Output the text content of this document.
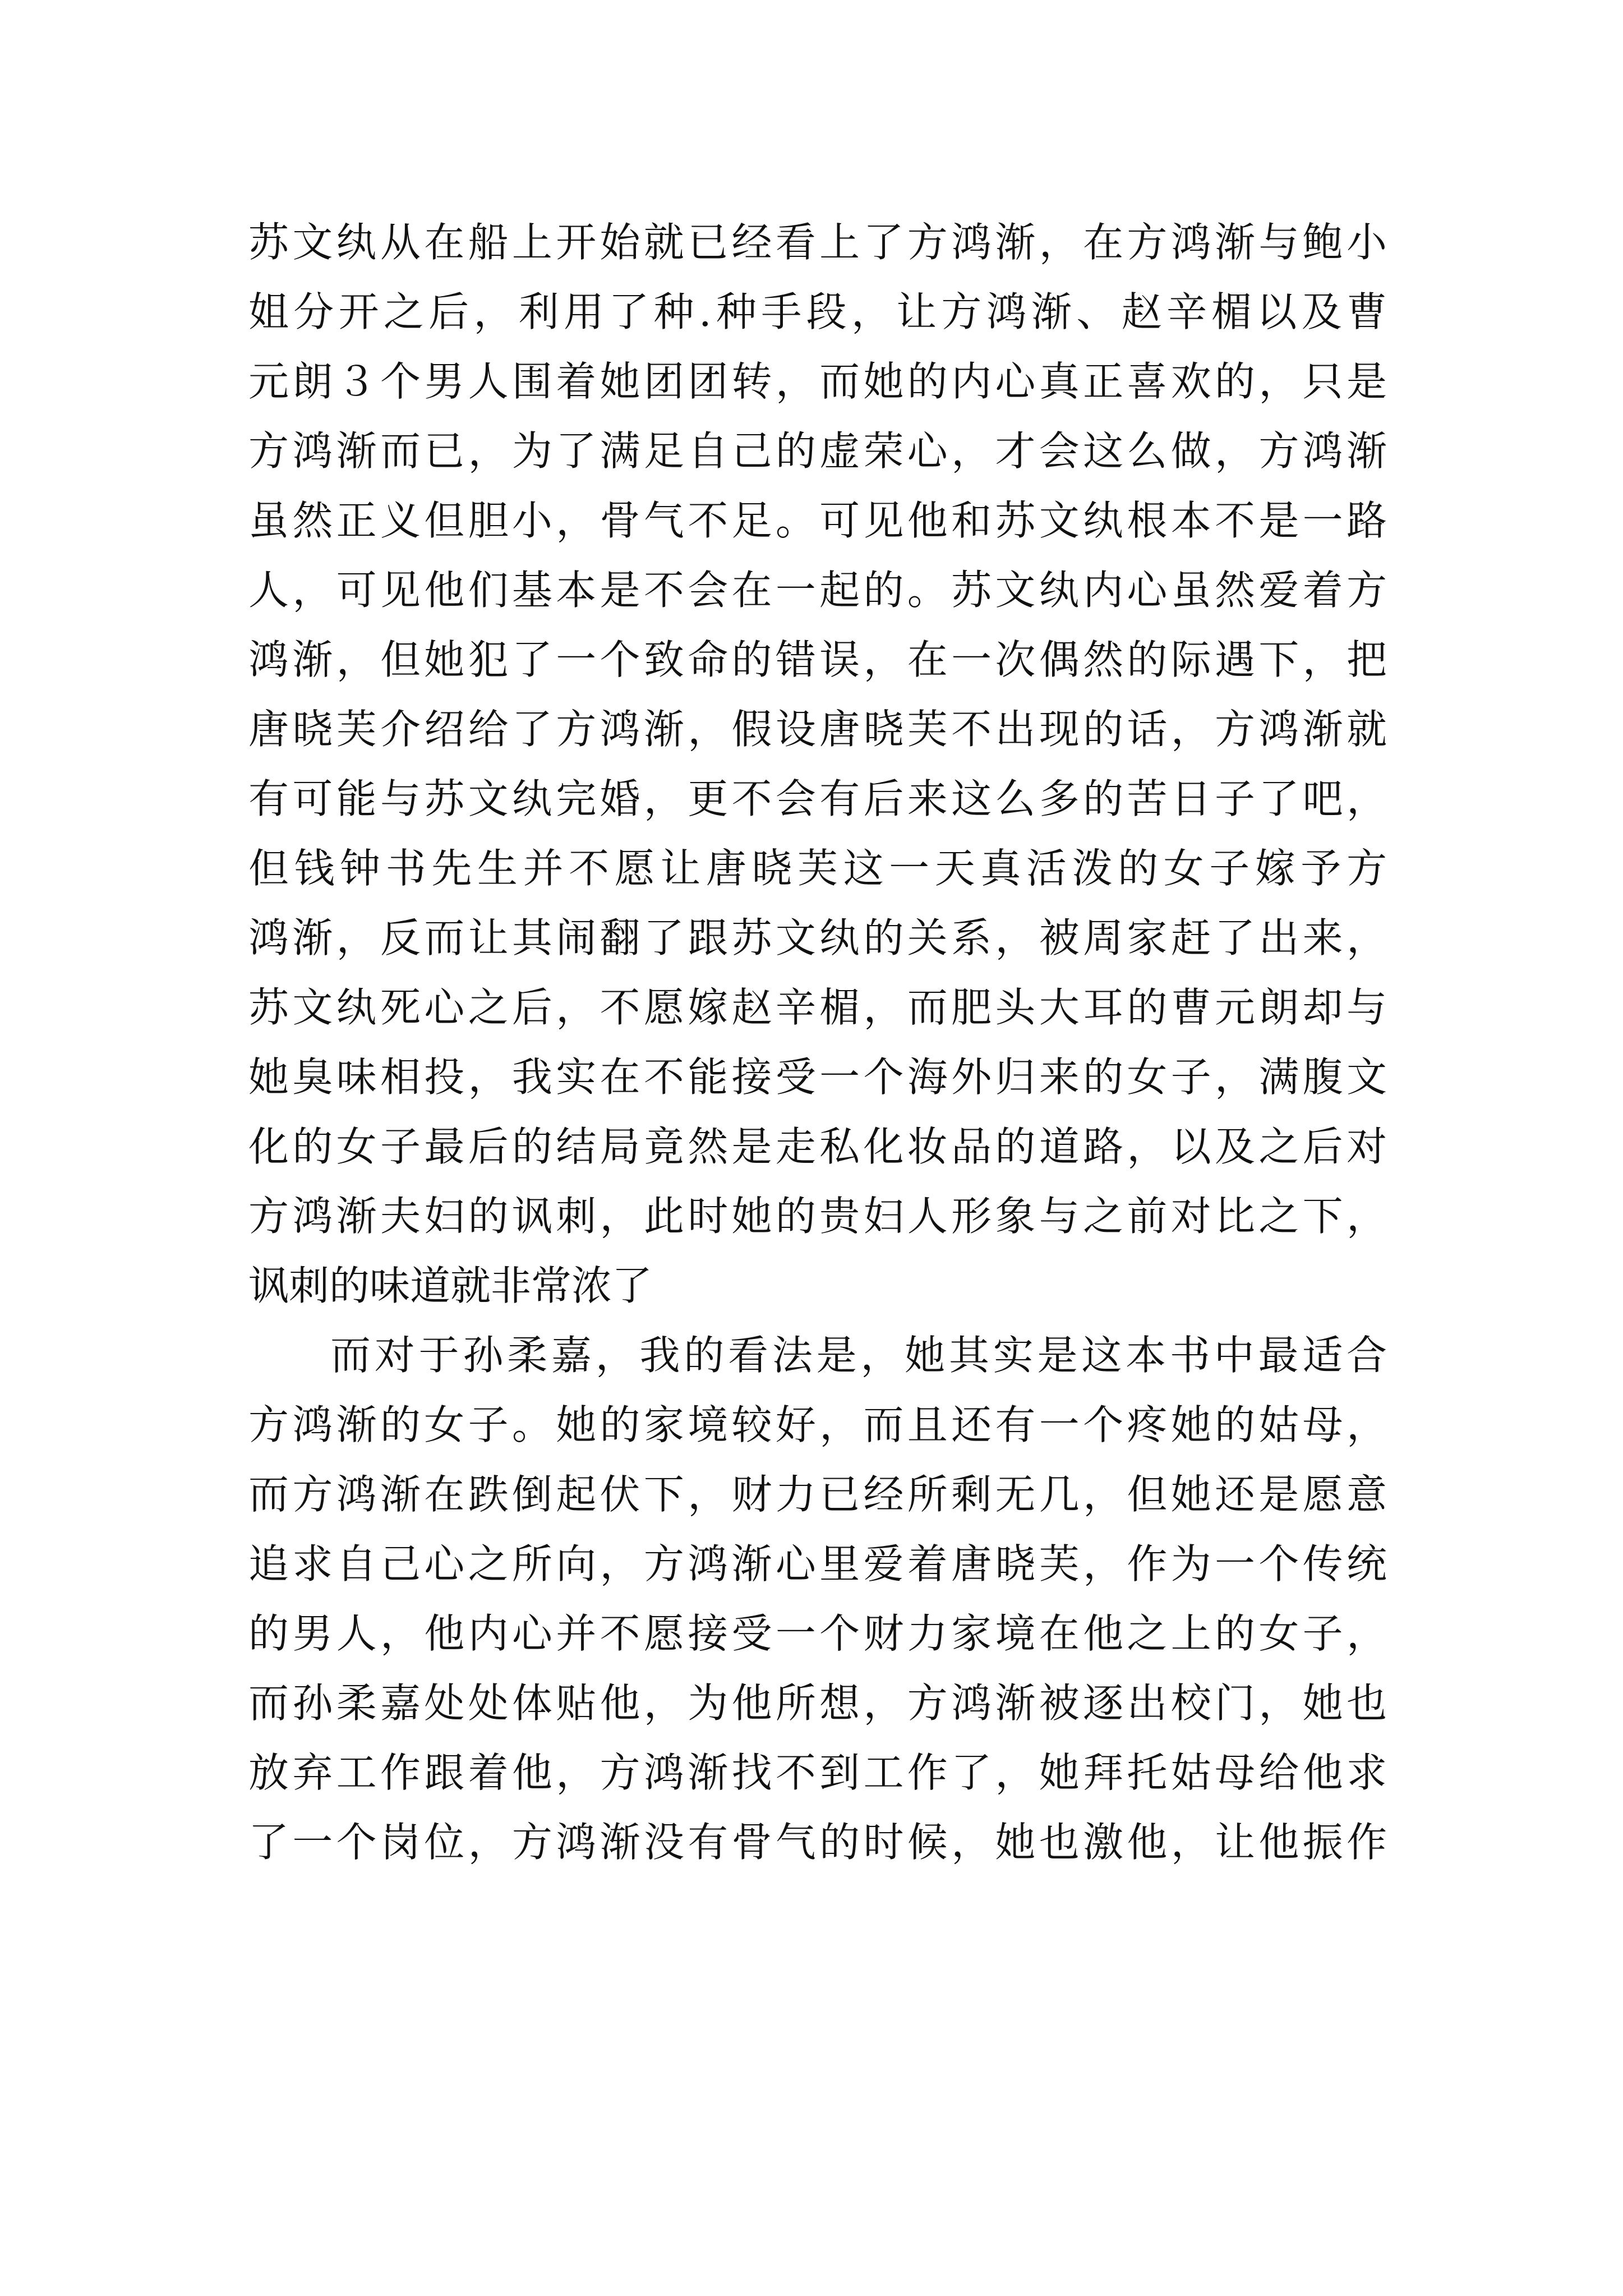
苏文纨从在船上开始就已经看上了方鸿渐，在方鸿渐与鲍小
姐分开之后，利用了种.种手段，让方鸿渐、赵辛楣以及曹
元朗３个男人围着她团团转，而她的内心真正喜欢的，只是
方鸿渐而已，为了满足自己的虚荣心，才会这么做，方鸿渐
虽然正义但胆小，骨气不足。可见他和苏文纨根本不是一路
人，可见他们基本是不会在一起的。苏文纨内心虽然爱着方
鸿渐，但她犯了一个致命的错误，在一次偶然的际遇下，把
唐晓芙介绍给了方鸿渐，假设唐晓芙不出现的话，方鸿渐就
有可能与苏文纨完婚，更不会有后来这么多的苦日子了吧，
但钱钟书先生并不愿让唐晓芙这一天真活泼的女子嫁予方
鸿渐，反而让其闹翻了跟苏文纨的关系，被周家赶了出来，
苏文纨死心之后，不愿嫁赵辛楣，而肥头大耳的曹元朗却与
她臭味相投，我实在不能接受一个海外归来的女子，满腹文
化的女子最后的结局竟然是走私化妆品的道路，以及之后对
方鸿渐夫妇的讽刺，此时她的贵妇人形象与之前对比之下，
讽刺的味道就非常浓了
而对于孙柔嘉，我的看法是，她其实是这本书中最适合
方鸿渐的女子。她的家境较好，而且还有一个疼她的姑母，
而方鸿渐在跌倒起伏下，财力已经所剩无几，但她还是愿意
追求自己心之所向，方鸿渐心里爱着唐晓芙，作为一个传统
的男人，他内心并不愿接受一个财力家境在他之上的女子，
而孙柔嘉处处体贴他，为他所想，方鸿渐被逐出校门，她也
放弃工作跟着他，方鸿渐找不到工作了，她拜托姑母给他求
了一个岗位，方鸿渐没有骨气的时候，她也激他，让他振作
